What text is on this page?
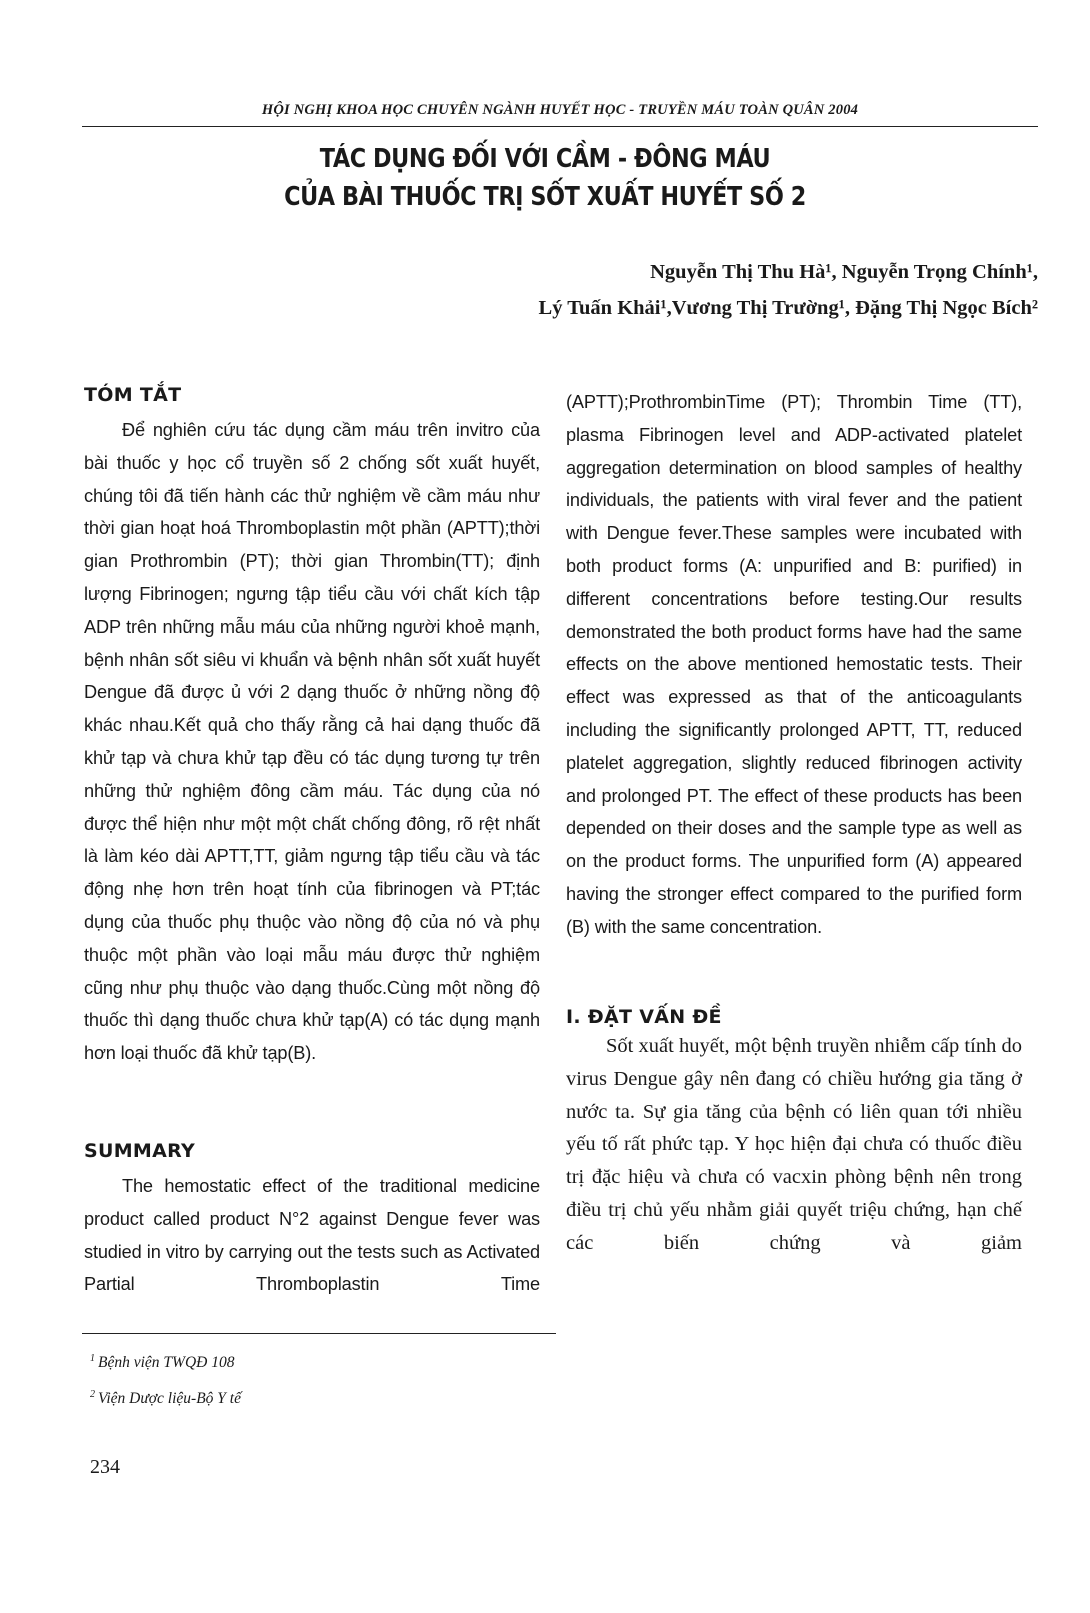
HỘI NGHỊ KHOA HỌC CHUYÊN NGÀNH HUYẾT HỌC - TRUYỀN MÁU TOÀN QUÂN 2004
TÁC DỤNG ĐỐI VỚI CẦM - ĐÔNG MÁU
CỦA BÀI THUỐC TRỊ SỐT XUẤT HUYẾT SỐ 2
Nguyễn Thị Thu Hà¹, Nguyễn Trọng Chính¹,
Lý Tuấn Khải¹,Vương Thị Trường¹, Đặng Thị Ngọc Bích²
TÓM TẮT

Để nghiên cứu tác dụng cầm máu trên invitro của bài thuốc y học cổ truyền số 2 chống sốt xuất huyết, chúng tôi đã tiến hành các thử nghiệm về cầm máu như thời gian hoạt hoá Thromboplastin một phần (APTT);thời gian Prothrombin (PT); thời gian Thrombin(TT); định lượng Fibrinogen; ngưng tập tiểu cầu với chất kích tập ADP trên những mẫu máu của những người khoẻ mạnh, bệnh nhân sốt siêu vi khuẩn và bệnh nhân sốt xuất huyết Dengue đã được ủ với 2 dạng thuốc ở những nồng độ khác nhau.Kết quả cho thấy rằng cả hai dạng thuốc đã khử tạp và chưa khử tạp đều có tác dụng tương tự trên những thử nghiệm đông cầm máu. Tác dụng của nó được thể hiện như một một chất chống đông, rõ rệt nhất là làm kéo dài APTT,TT, giảm ngưng tập tiểu cầu và tác động nhẹ hơn trên hoạt tính của fibrinogen và PT;tác dụng của thuốc phụ thuộc vào nồng độ của nó và phụ thuộc một phần vào loại mẫu máu được thử nghiệm cũng như phụ thuộc vào dạng thuốc.Cùng một nồng độ thuốc thì dạng thuốc chưa khử tạp(A) có tác dụng mạnh hơn loại thuốc đã khử tạp(B).

SUMMARY

The hemostatic effect of the traditional medicine product called product N°2 against Dengue fever was studied in vitro by carrying out the tests such as Activated Partial Thromboplastin Time

(APTT);ProthrombinTime (PT); Thrombin Time (TT), plasma Fibrinogen level and ADP-activated platelet aggregation determination on blood samples of healthy individuals, the patients with viral fever and the patient with Dengue fever.These samples were incubated with both product forms (A: unpurified and B: purified) in different concentrations before testing.Our results demonstrated the both product forms have had the same effects on the above mentioned hemostatic tests. Their effect was expressed as that of the anticoagulants including the significantly prolonged APTT, TT, reduced platelet aggregation, slightly reduced fibrinogen activity and prolonged PT. The effect of these products has been depended on their doses and the sample type as well as on the product forms. The unpurified form (A) appeared having the stronger effect compared to the purified form (B) with the same concentration.

I. ĐẶT VẤN ĐỀ

Sốt xuất huyết, một bệnh truyền nhiễm cấp tính do virus Dengue gây nên đang có chiều hướng gia tăng ở nước ta. Sự gia tăng của bệnh có liên quan tới nhiều yếu tố rất phức tạp. Y học hiện đại chưa có thuốc điều trị đặc hiệu và chưa có vacxin phòng bệnh nên trong điều trị chủ yếu nhằm giải quyết triệu chứng, hạn chế các biến chứng và giảm

$^1$ Bệnh viện TWQĐ 108
$^2$ Viện Dược liệu-Bộ Y tế
234
